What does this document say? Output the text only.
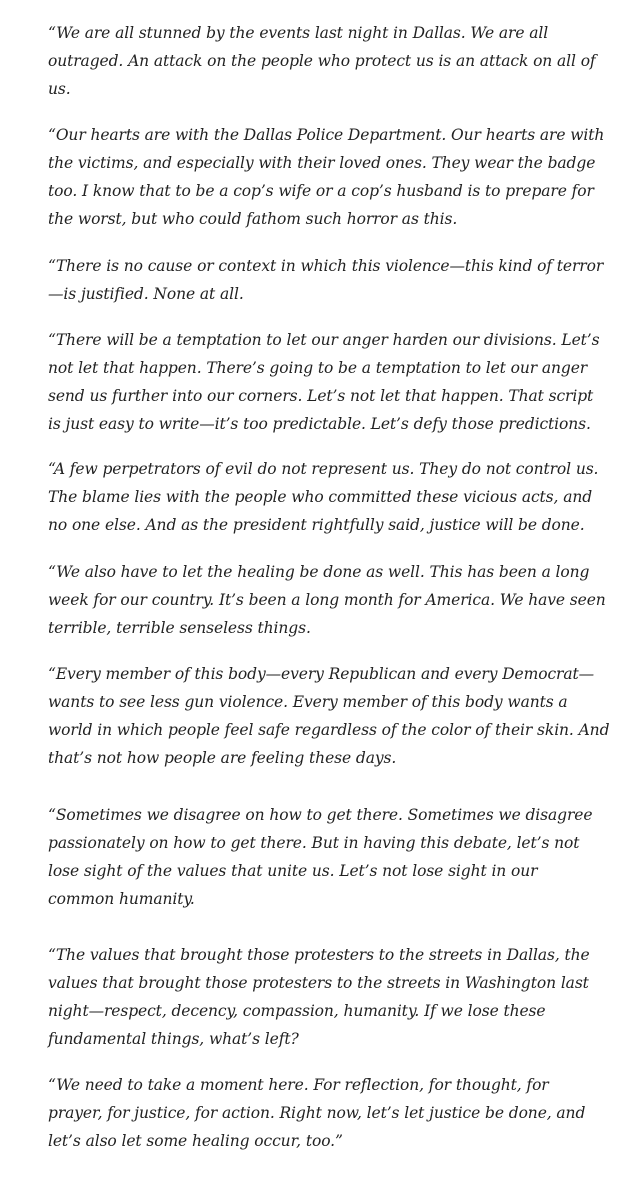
“We are all stunned by the events last night in Dallas. We are all
outraged. An attack on the people who protect us is an attack on all of
us.

“Our hearts are with the Dallas Police Department. Our hearts are with
the victims, and especially with their loved ones. They wear the badge
too. I know that to be a cop’s wife or a cop’s husband is to prepare for
the worst, but who could fathom such horror as this.

“There is no cause or context in which this violence—this kind of terror
—is justified. None at all.

“There will be a temptation to let our anger harden our divisions. Let’s
not let that happen. There’s going to be a temptation to let our anger
send us further into our corners. Let’s not let that happen. That script
is just easy to write—it’s too predictable. Let’s defy those predictions.

“A few perpetrators of evil do not represent us. They do not control us.
The blame lies with the people who committed these vicious acts, and
no one else. And as the president rightfully said, justice will be done.

“We also have to let the healing be done as well. This has been a long
week for our country. It’s been a long month for America. We have seen
terrible, terrible senseless things.

“Every member of this body—every Republican and every Democrat—
wants to see less gun violence. Every member of this body wants a
world in which people feel safe regardless of the color of their skin. And
that’s not how people are feeling these days.

“Sometimes we disagree on how to get there. Sometimes we disagree
passionately on how to get there. But in having this debate, let’s not
lose sight of the values that unite us. Let’s not lose sight in our
common humanity.

“The values that brought those protesters to the streets in Dallas, the
values that brought those protesters to the streets in Washington last
night—respect, decency, compassion, humanity. If we lose these
fundamental things, what’s left?

“We need to take a moment here. For reflection, for thought, for
prayer, for justice, for action. Right now, let’s let justice be done, and
let’s also let some healing occur, too.”
